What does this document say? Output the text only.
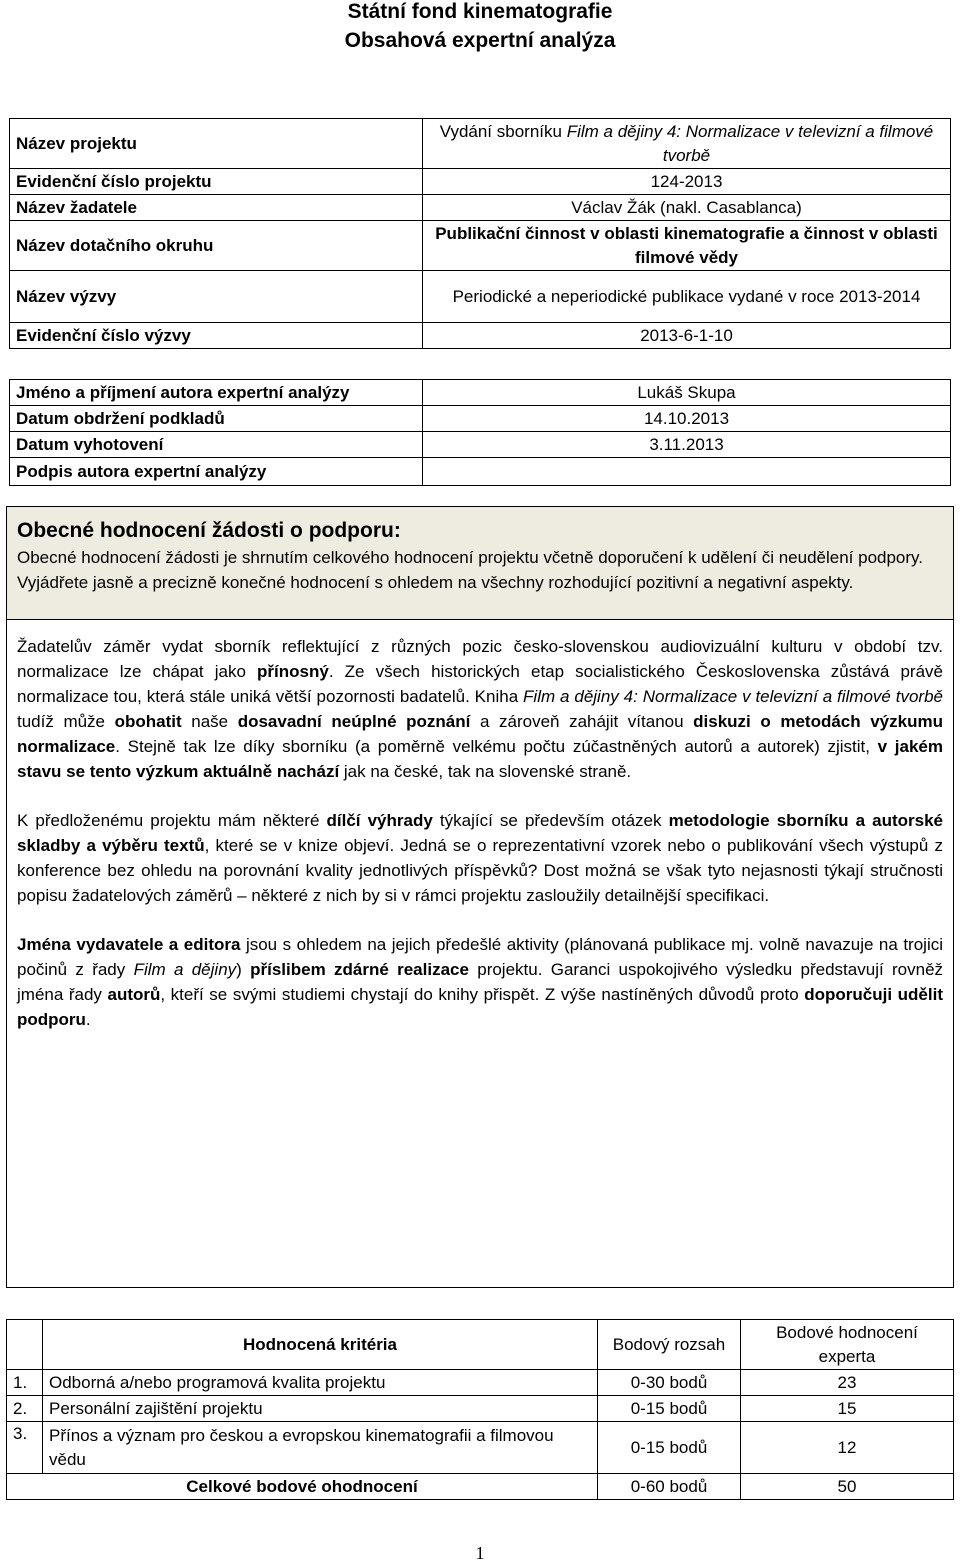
Státní fond kinematografie
Obsahová expertní analýza
Název projektu	Vydání sborníku Film a dějiny 4: Normalizace v televizní a filmové tvorbě
Evidenční číslo projektu	124-2013
Název žadatele	Václav Žák (nakl. Casablanca)
Název dotačního okruhu	Publikační činnost v oblasti kinematografie a činnost v oblasti filmové vědy
Název výzvy	Periodické a neperiodické publikace vydané v roce 2013-2014
Evidenční číslo výzvy	2013-6-1-10
Jméno a příjmení autora expertní analýzy	Lukáš Skupa
Datum obdržení podkladů	14.10.2013
Datum vyhotovení	3.11.2013
Podpis autora expertní analýzy	
Obecné hodnocení žádosti o podporu:
Obecné hodnocení žádosti je shrnutím celkového hodnocení projektu včetně doporučení k udělení či neudělení podpory. Vyjádřete jasně a precizně konečné hodnocení s ohledem na všechny rozhodující pozitivní a negativní aspekty.

Žadatelův záměr vydat sborník reflektující z různých pozic česko-slovenskou audiovizuální kulturu v období tzv. normalizace lze chápat jako přínosný. Ze všech historických etap socialistického Československa zůstává právě normalizace tou, která stále uniká větší pozornosti badatelů. Kniha Film a dějiny 4: Normalizace v televizní a filmové tvorbě tudíž může obohatit naše dosavadní neúplné poznání a zároveň zahájit vítanou diskuzi o metodách výzkumu normalizace. Stejně tak lze díky sborníku (a poměrně velkému počtu zúčastněných autorů a autorek) zjistit, v jakém stavu se tento výzkum aktuálně nachází jak na české, tak na slovenské straně.

K předloženému projektu mám některé dílčí výhrady týkající se především otázek metodologie sborníku a autorské skladby a výběru textů, které se v knize objeví. Jedná se o reprezentativní vzorek nebo o publikování všech výstupů z konference bez ohledu na porovnání kvality jednotlivých příspěvků? Dost možná se však tyto nejasnosti týkají stručnosti popisu žadatelových záměrů – některé z nich by si v rámci projektu zasloužily detailnější specifikaci.

Jména vydavatele a editora jsou s ohledem na jejich předešlé aktivity (plánovaná publikace mj. volně navazuje na trojici počinů z řady Film a dějiny) příslibem zdárné realizace projektu. Garanci uspokojivého výsledku představují rovněž jména řady autorů, kteří se svými studiemi chystají do knihy přispět. Z výše nastíněných důvodů proto doporučuji udělit podporu.

	Hodnocená kritéria	Bodový rozsah	Bodové hodnocení experta
1.	Odborná a/nebo programová kvalita projektu	0-30 bodů	23
2.	Personální zajištění projektu	0-15 bodů	15
3.	Přínos a význam pro českou a evropskou kinematografii a filmovou vědu	0-15 bodů	12
Celkové bodové ohodnocení		0-60 bodů	50
1
